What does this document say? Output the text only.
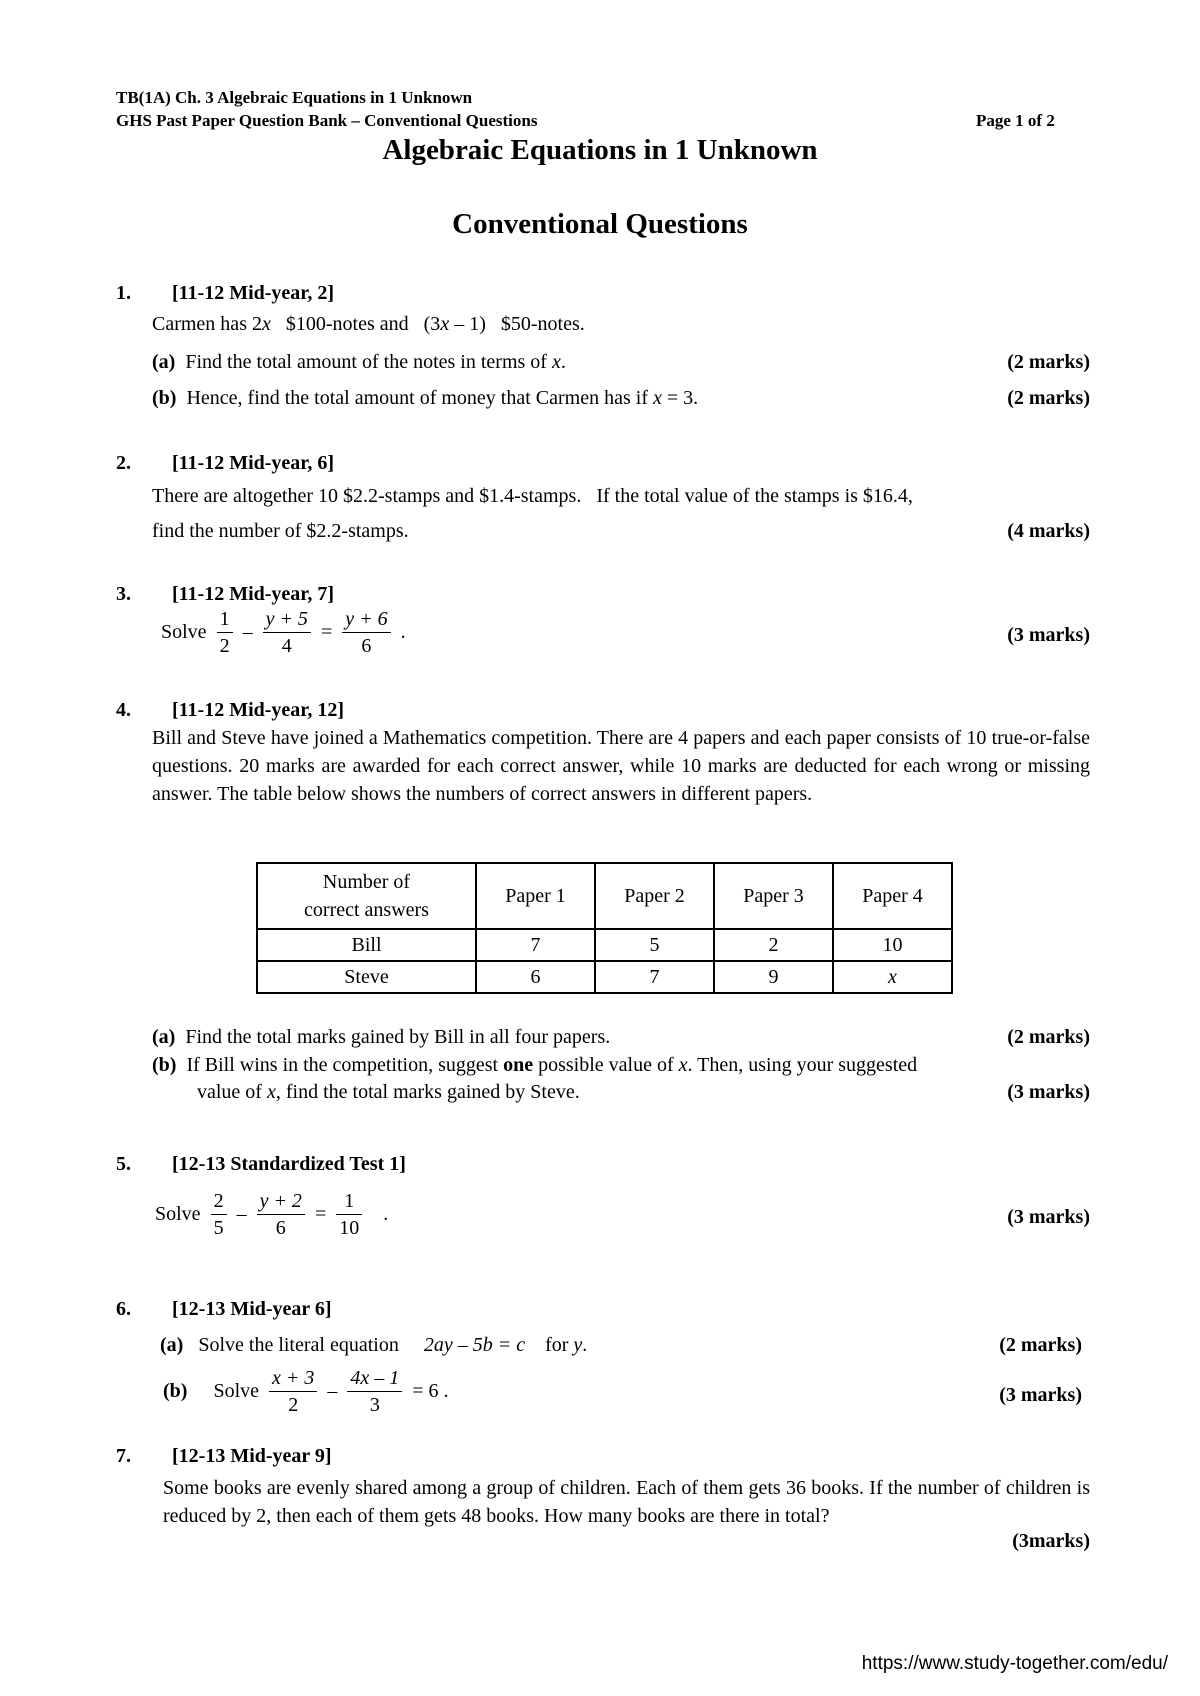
TB(1A) Ch. 3 Algebraic Equations in 1 Unknown
GHS Past Paper Question Bank – Conventional Questions	Page 1 of 2
Algebraic Equations in 1 Unknown
Conventional Questions
1. [11-12 Mid-year, 2]
Carmen has 2x $100-notes and (3x – 1) $50-notes.
(a) Find the total amount of the notes in terms of x.	(2 marks)
(b) Hence, find the total amount of money that Carmen has if x = 3.	(2 marks)
2. [11-12 Mid-year, 6]
There are altogether 10 $2.2-stamps and $1.4-stamps.   If the total value of the stamps is $16.4,
find the number of $2.2-stamps.	(4 marks)
3. [11-12 Mid-year, 7]
Solve $\frac{1}{2} - \frac{y + 5}{4} = \frac{y + 6}{6}$ .	(3 marks)
4. [11-12 Mid-year, 12]
Bill and Steve have joined a Mathematics competition. There are 4 papers and each paper consists of 10 true-or-false questions. 20 marks are awarded for each correct answer, while 10 marks are deducted for each wrong or missing answer. The table below shows the numbers of correct answers in different papers.
Number of
correct answers	Paper 1	Paper 2	Paper 3	Paper 4
Bill	7	5	2	10
Steve	6	7	9	x
(a) Find the total marks gained by Bill in all four papers.	(2 marks)
(b) If Bill wins in the competition, suggest one possible value of x. Then, using your suggested
value of x, find the total marks gained by Steve.	(3 marks)
5. [12-13 Standardized Test 1]
Solve $\frac{2}{5} - \frac{y + 2}{6} = \frac{1}{10}$ .	(3 marks)
6. [12-13 Mid-year 6]
(a) Solve the literal equation 2ay – 5b = c for y.	(2 marks)
(b) Solve $\frac{x + 3}{2} - \frac{4x - 1}{3} = 6$ .	(3 marks)
7. [12-13 Mid-year 9]
Some books are evenly shared among a group of children. Each of them gets 36 books. If the number of children is reduced by 2, then each of them gets 48 books. How many books are there in total?
(3marks)
https://www.study-together.com/edu/
